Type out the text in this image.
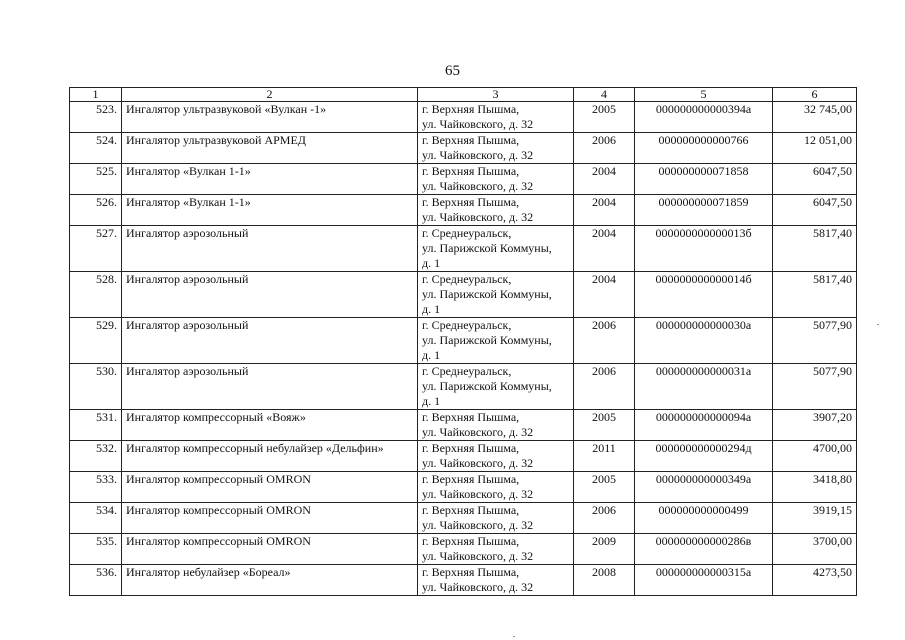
65
1	2	3	4	5	6
523.	Ингалятор ультразвуковой «Вулкан -1»	г. Верхняя Пышма,
ул. Чайковского, д. 32	2005	000000000000394а	32 745,00
524.	Ингалятор ультразвуковой АРМЕД	г. Верхняя Пышма,
ул. Чайковского, д. 32	2006	000000000000766	12 051,00
525.	Ингалятор «Вулкан 1-1»	г. Верхняя Пышма,
ул. Чайковского, д. 32	2004	000000000071858	6047,50
526.	Ингалятор «Вулкан 1-1»	г. Верхняя Пышма,
ул. Чайковского, д. 32	2004	000000000071859	6047,50
527.	Ингалятор аэрозольный	г. Среднеуральск,
ул. Парижской Коммуны,
д. 1	2004	000000000000013б	5817,40
528.	Ингалятор аэрозольный	г. Среднеуральск,
ул. Парижской Коммуны,
д. 1	2004	000000000000014б	5817,40
529.	Ингалятор аэрозольный	г. Среднеуральск,
ул. Парижской Коммуны,
д. 1	2006	000000000000030а	5077,90
530.	Ингалятор аэрозольный	г. Среднеуральск,
ул. Парижской Коммуны,
д. 1	2006	000000000000031а	5077,90
531.	Ингалятор компрессорный «Вояж»	г. Верхняя Пышма,
ул. Чайковского, д. 32	2005	000000000000094а	3907,20
532.	Ингалятор компрессорный небулайзер «Дельфин»	г. Верхняя Пышма,
ул. Чайковского, д. 32	2011	000000000000294д	4700,00
533.	Ингалятор компрессорный OMRON	г. Верхняя Пышма,
ул. Чайковского, д. 32	2005	000000000000349а	3418,80
534.	Ингалятор компрессорный OMRON	г. Верхняя Пышма,
ул. Чайковского, д. 32	2006	000000000000499	3919,15
535.	Ингалятор компрессорный OMRON	г. Верхняя Пышма,
ул. Чайковского, д. 32	2009	000000000000286в	3700,00
536.	Ингалятор небулайзер «Бореал»	г. Верхняя Пышма,
ул. Чайковского, д. 32	2008	000000000000315а	4273,50
